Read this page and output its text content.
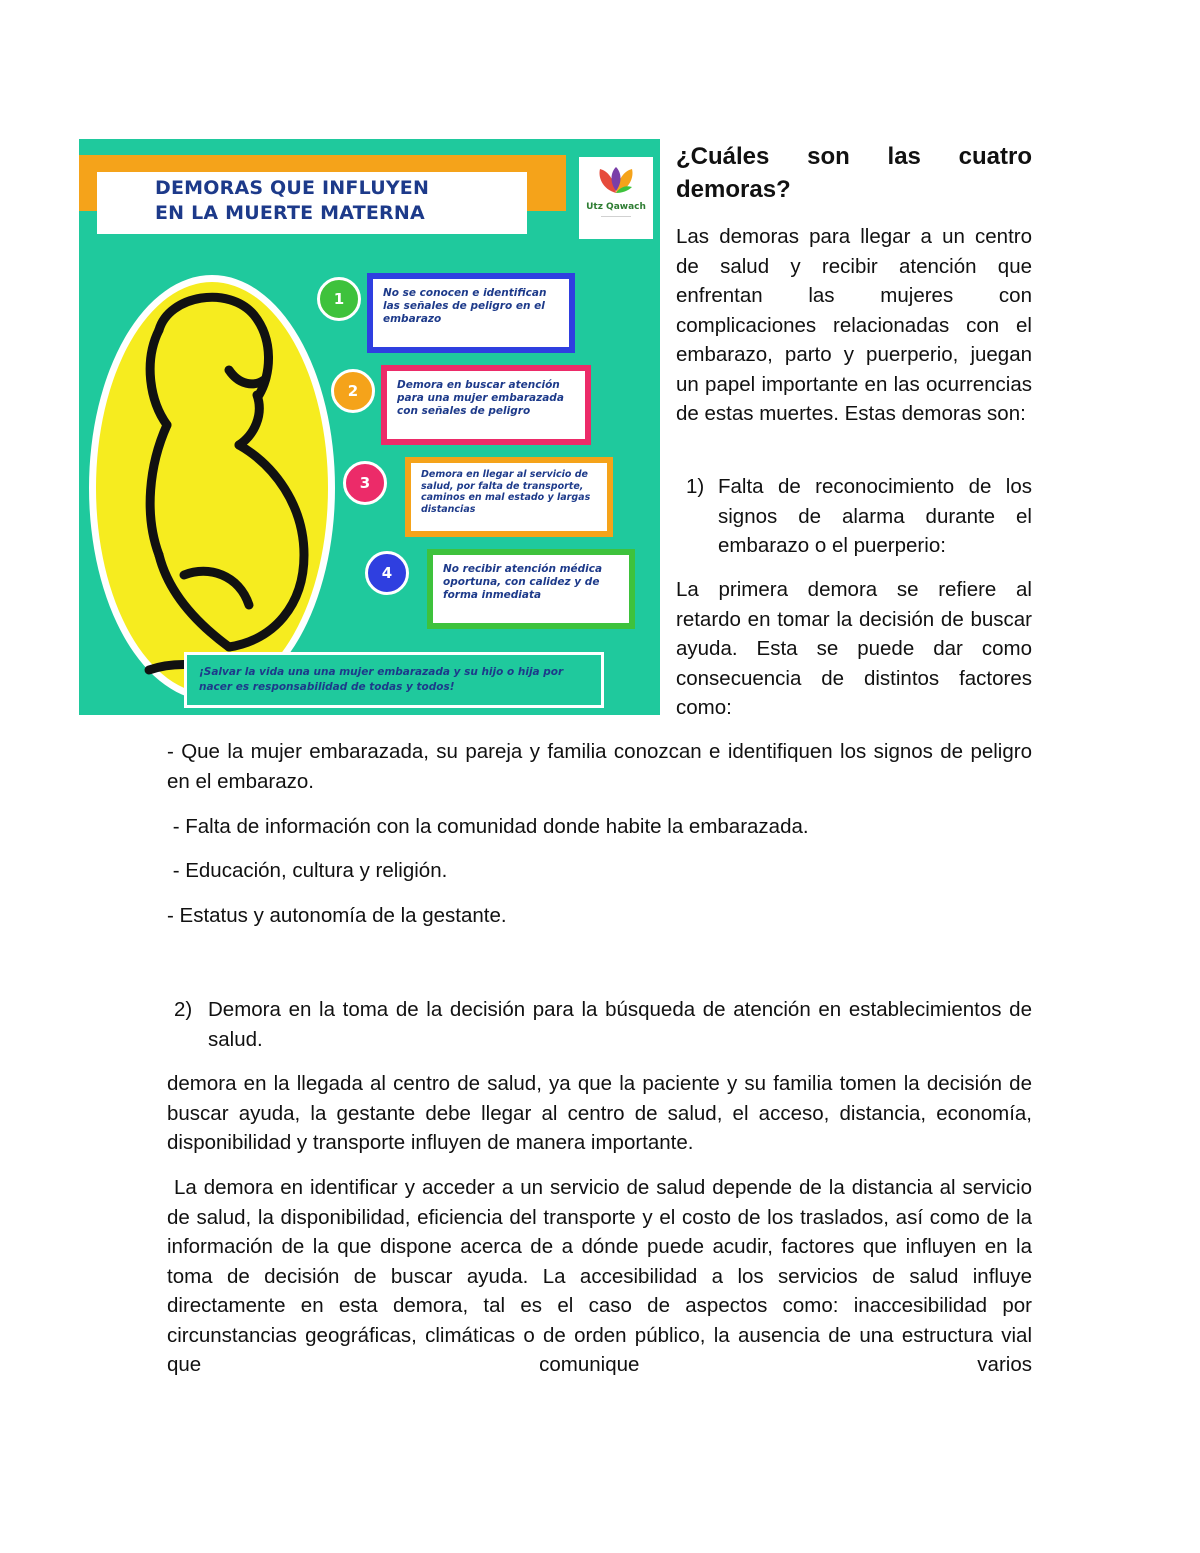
DEMORAS QUE INFLUYEN
EN LA MUERTE MATERNA	Utz Qawach
——————
1	No se conocen e identifican las señales de peligro en el embarazo
2	Demora en buscar atención para una mujer embarazada con señales de peligro
3	Demora en llegar al servicio de salud, por falta de transporte, caminos en mal estado y largas distancias
4	No recibir atención médica oportuna, con calidez y de forma inmediata
¡Salvar la vida una una mujer embarazada y su hijo o hija por nacer es responsabilidad de todas y todos!
¿Cuáles son las cuatro demoras?

Las demoras para llegar a un centro de salud y recibir atención que enfrentan las mujeres con complicaciones relacionadas con el embarazo, parto y puerperio, juegan un papel importante en las ocurrencias de estas muertes. Estas demoras son:

1) Falta de reconocimiento de los signos de alarma durante el embarazo o el puerperio:

La primera demora se refiere al retardo en tomar la decisión de buscar ayuda. Esta se puede dar como consecuencia de distintos factores como:

- Que la mujer embarazada, su pareja y familia conozcan e identifiquen los signos de peligro en el embarazo.

- Falta de información con la comunidad donde habite la embarazada.

- Educación, cultura y religión.

- Estatus y autonomía de la gestante.

2) Demora en la toma de la decisión para la búsqueda de atención en establecimientos de salud.

demora en la llegada al centro de salud, ya que la paciente y su familia tomen la decisión de buscar ayuda, la gestante debe llegar al centro de salud, el acceso, distancia, economía, disponibilidad y transporte influyen de manera importante.

La demora en identificar y acceder a un servicio de salud depende de la distancia al servicio de salud, la disponibilidad, eficiencia del transporte y el costo de los traslados, así como de la información de la que dispone acerca de a dónde puede acudir, factores que influyen en la toma de decisión de buscar ayuda. La accesibilidad a los servicios de salud influye directamente en esta demora, tal es el caso de aspectos como: inaccesibilidad por circunstancias geográficas, climáticas o de orden público, la ausencia de una estructura vial que comunique varios
